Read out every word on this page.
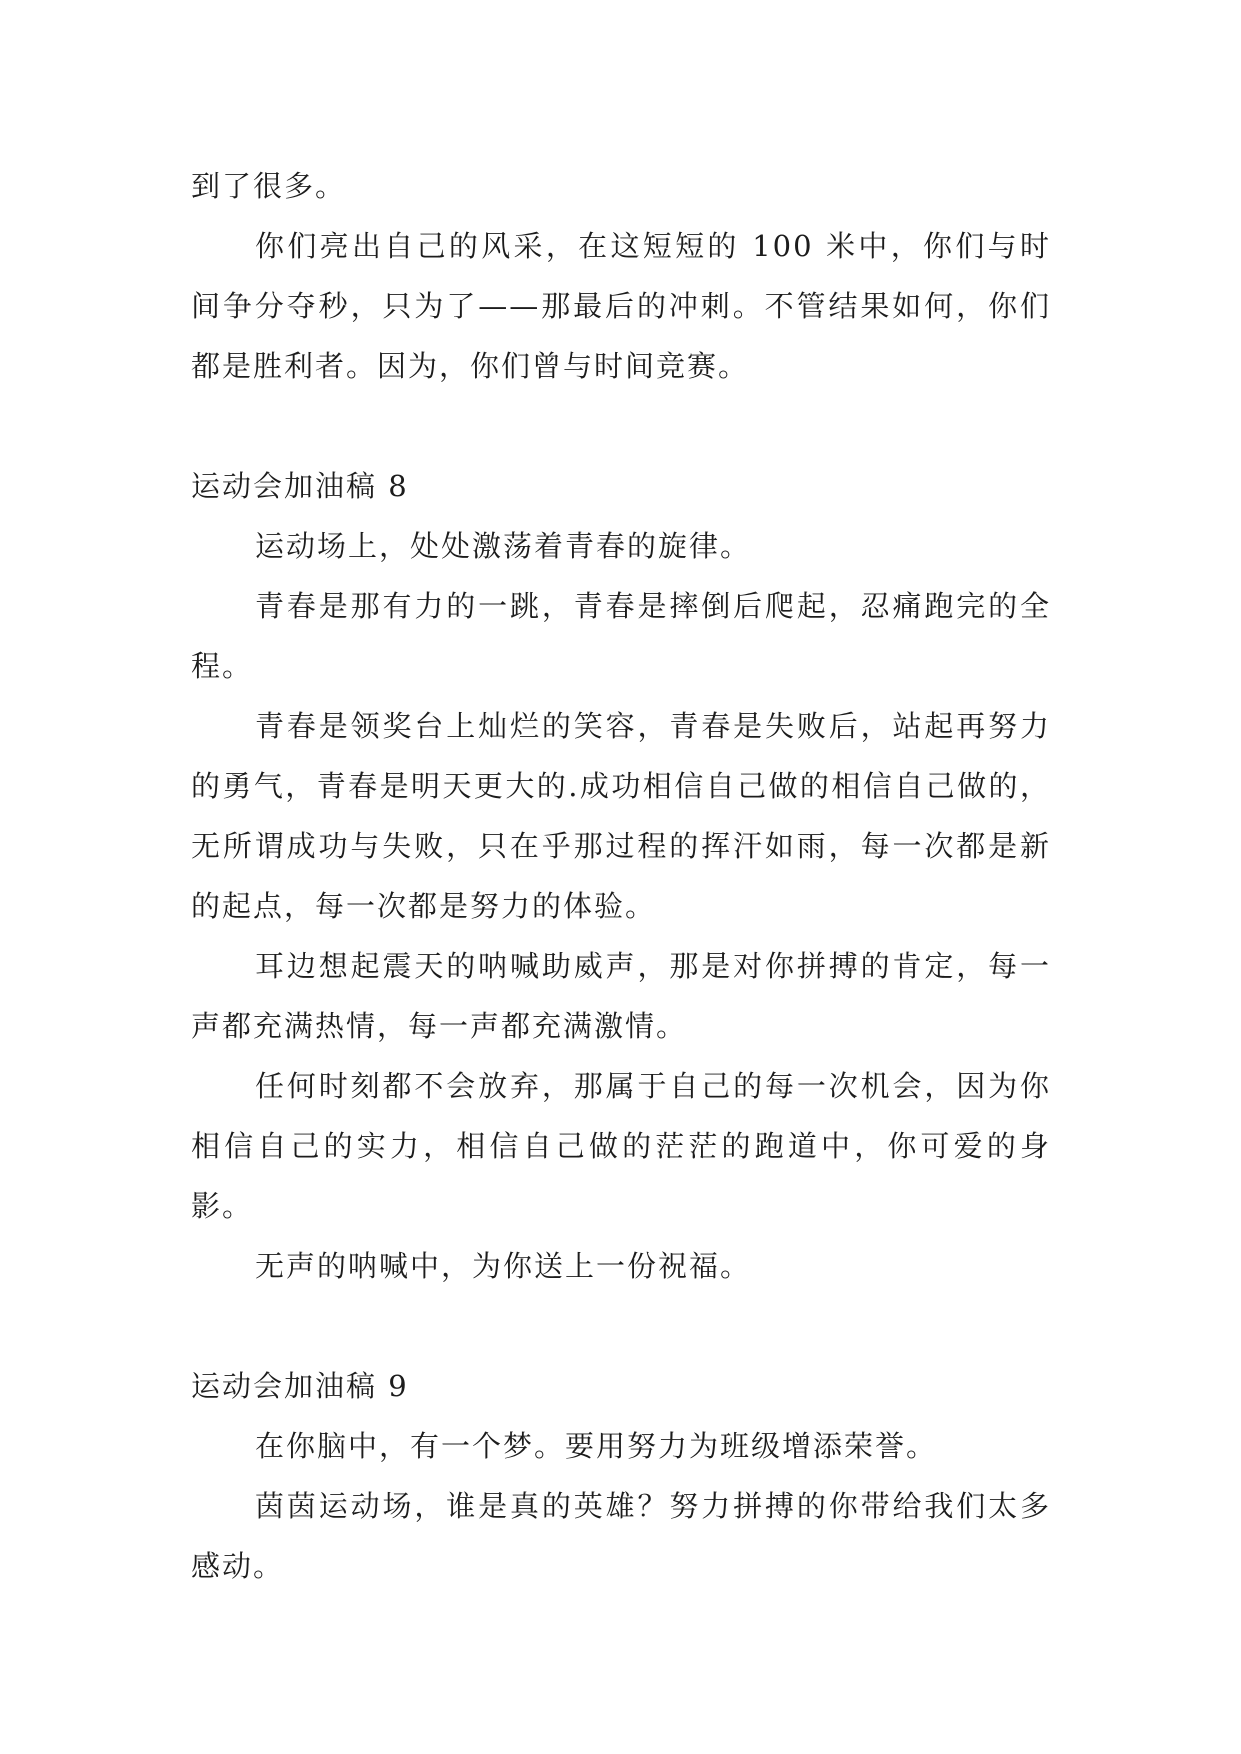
到了很多。

你们亮出自己的风采，在这短短的 100 米中，你们与时间争分夺秒，只为了——那最后的冲刺。不管结果如何，你们都是胜利者。因为，你们曾与时间竞赛。

运动会加油稿 8

运动场上，处处激荡着青春的旋律。

青春是那有力的一跳，青春是摔倒后爬起，忍痛跑完的全程。

青春是领奖台上灿烂的笑容，青春是失败后，站起再努力的勇气，青春是明天更大的.成功相信自己做的相信自己做的，无所谓成功与失败，只在乎那过程的挥汗如雨，每一次都是新的起点，每一次都是努力的体验。

耳边想起震天的呐喊助威声，那是对你拼搏的肯定，每一声都充满热情，每一声都充满激情。

任何时刻都不会放弃，那属于自己的每一次机会，因为你相信自己的实力，相信自己做的茫茫的跑道中，你可爱的身影。

无声的呐喊中，为你送上一份祝福。

运动会加油稿 9

在你脑中，有一个梦。要用努力为班级增添荣誉。

茵茵运动场，谁是真的英雄？努力拼搏的你带给我们太多感动。
